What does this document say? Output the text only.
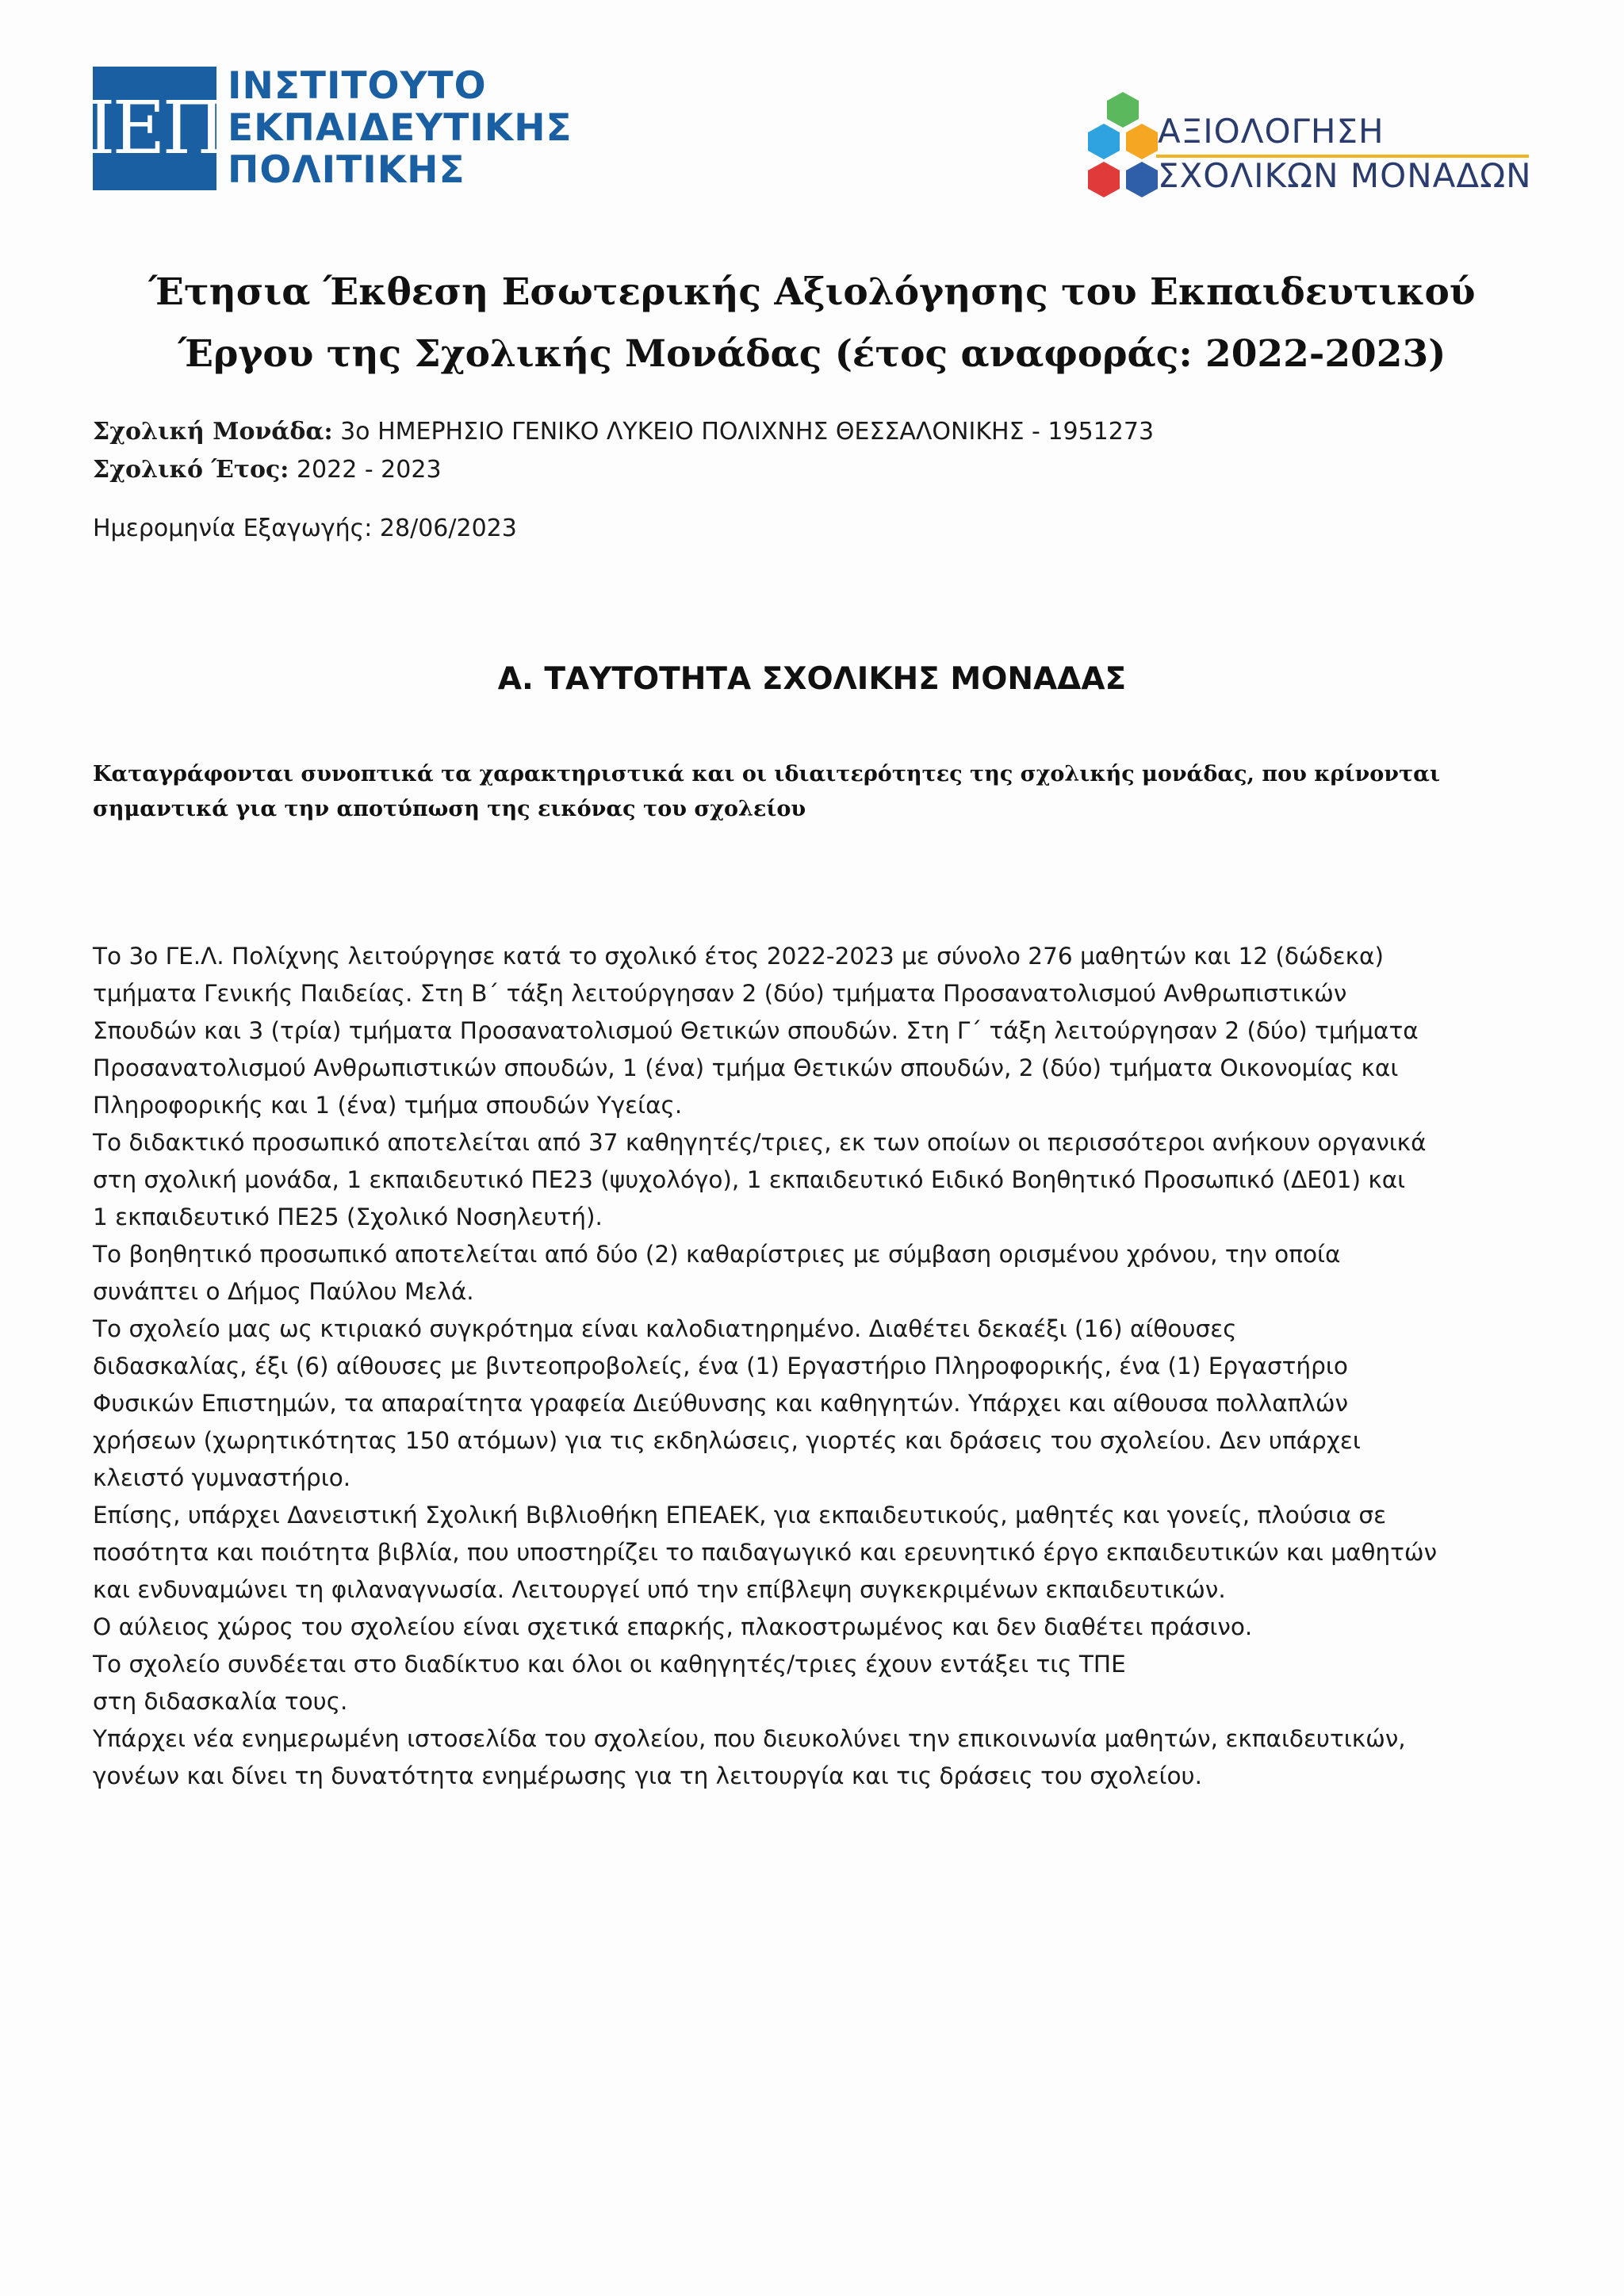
ΙΕΠ ΙΝΣΤΙΤΟΥΤΟ
ΕΚΠΑΙΔΕΥΤΙΚΗΣ
ΠΟΛΙΤΙΚΗΣ
ΑΞΙΟΛΟΓΗΣΗ
ΣΧΟΛΙΚΩΝ ΜΟΝΑΔΩΝ
Έτησια Έκθεση Εσωτερικής Αξιολόγησης του Εκπαιδευτικού
Έργου της Σχολικής Μονάδας (έτος αναφοράς: 2022-2023)
Σχολική Μονάδα: 3ο ΗΜΕΡΗΣΙΟ ΓΕΝΙΚΟ ΛΥΚΕΙΟ ΠΟΛΙΧΝΗΣ ΘΕΣΣΑΛΟΝΙΚΗΣ - 1951273
Σχολικό Έτος: 2022 - 2023
Ημερομηνία Εξαγωγής: 28/06/2023
Α. ΤΑΥΤΟΤΗΤΑ ΣΧΟΛΙΚΗΣ ΜΟΝΑΔΑΣ
Καταγράφονται συνοπτικά τα χαρακτηριστικά και οι ιδιαιτερότητες της σχολικής μονάδας, που κρίνονται
σημαντικά για την αποτύπωση της εικόνας του σχολείου
Το 3ο ΓΕ.Λ. Πολίχνης λειτούργησε κατά το σχολικό έτος 2022-2023 με σύνολο 276 μαθητών και 12 (δώδεκα)
τμήματα Γενικής Παιδείας. Στη Β΄ τάξη λειτούργησαν 2 (δύο) τμήματα Προσανατολισμού Ανθρωπιστικών
Σπουδών και 3 (τρία) τμήματα Προσανατολισμού Θετικών σπουδών. Στη Γ΄ τάξη λειτούργησαν 2 (δύο) τμήματα
Προσανατολισμού Ανθρωπιστικών σπουδών, 1 (ένα) τμήμα Θετικών σπουδών, 2 (δύο) τμήματα Οικονομίας και
Πληροφορικής και 1 (ένα) τμήμα σπουδών Υγείας.
Το διδακτικό προσωπικό αποτελείται από 37 καθηγητές/τριες, εκ των οποίων οι περισσότεροι ανήκουν οργανικά
στη σχολική μονάδα, 1 εκπαιδευτικό ΠΕ23 (ψυχολόγο), 1 εκπαιδευτικό Ειδικό Βοηθητικό Προσωπικό (ΔΕ01) και
1 εκπαιδευτικό ΠΕ25 (Σχολικό Νοσηλευτή).
Το βοηθητικό προσωπικό αποτελείται από δύο (2) καθαρίστριες με σύμβαση ορισμένου χρόνου, την οποία
συνάπτει ο Δήμος Παύλου Μελά.
Το σχολείο μας ως κτιριακό συγκρότημα είναι καλοδιατηρημένο. Διαθέτει δεκαέξι (16) αίθουσες
διδασκαλίας, έξι (6) αίθουσες με βιντεοπροβολείς, ένα (1) Εργαστήριο Πληροφορικής, ένα (1) Εργαστήριο
Φυσικών Επιστημών, τα απαραίτητα γραφεία Διεύθυνσης και καθηγητών. Υπάρχει και αίθουσα πολλαπλών
χρήσεων (χωρητικότητας 150 ατόμων) για τις εκδηλώσεις, γιορτές και δράσεις του σχολείου. Δεν υπάρχει
κλειστό γυμναστήριο.
Επίσης, υπάρχει Δανειστική Σχολική Βιβλιοθήκη ΕΠΕΑΕΚ, για εκπαιδευτικούς, μαθητές και γονείς, πλούσια σε
ποσότητα και ποιότητα βιβλία, που υποστηρίζει το παιδαγωγικό και ερευνητικό έργο εκπαιδευτικών και μαθητών
και ενδυναμώνει τη φιλαναγνωσία. Λειτουργεί υπό την επίβλεψη συγκεκριμένων εκπαιδευτικών.
Ο αύλειος χώρος του σχολείου είναι σχετικά επαρκής, πλακοστρωμένος και δεν διαθέτει πράσινο.
Το σχολείο συνδέεται στο διαδίκτυο και όλοι οι καθηγητές/τριες έχουν εντάξει τις ΤΠΕ
στη διδασκαλία τους.
Υπάρχει νέα ενημερωμένη ιστοσελίδα του σχολείου, που διευκολύνει την επικοινωνία μαθητών, εκπαιδευτικών,
γονέων και δίνει τη δυνατότητα ενημέρωσης για τη λειτουργία και τις δράσεις του σχολείου.
